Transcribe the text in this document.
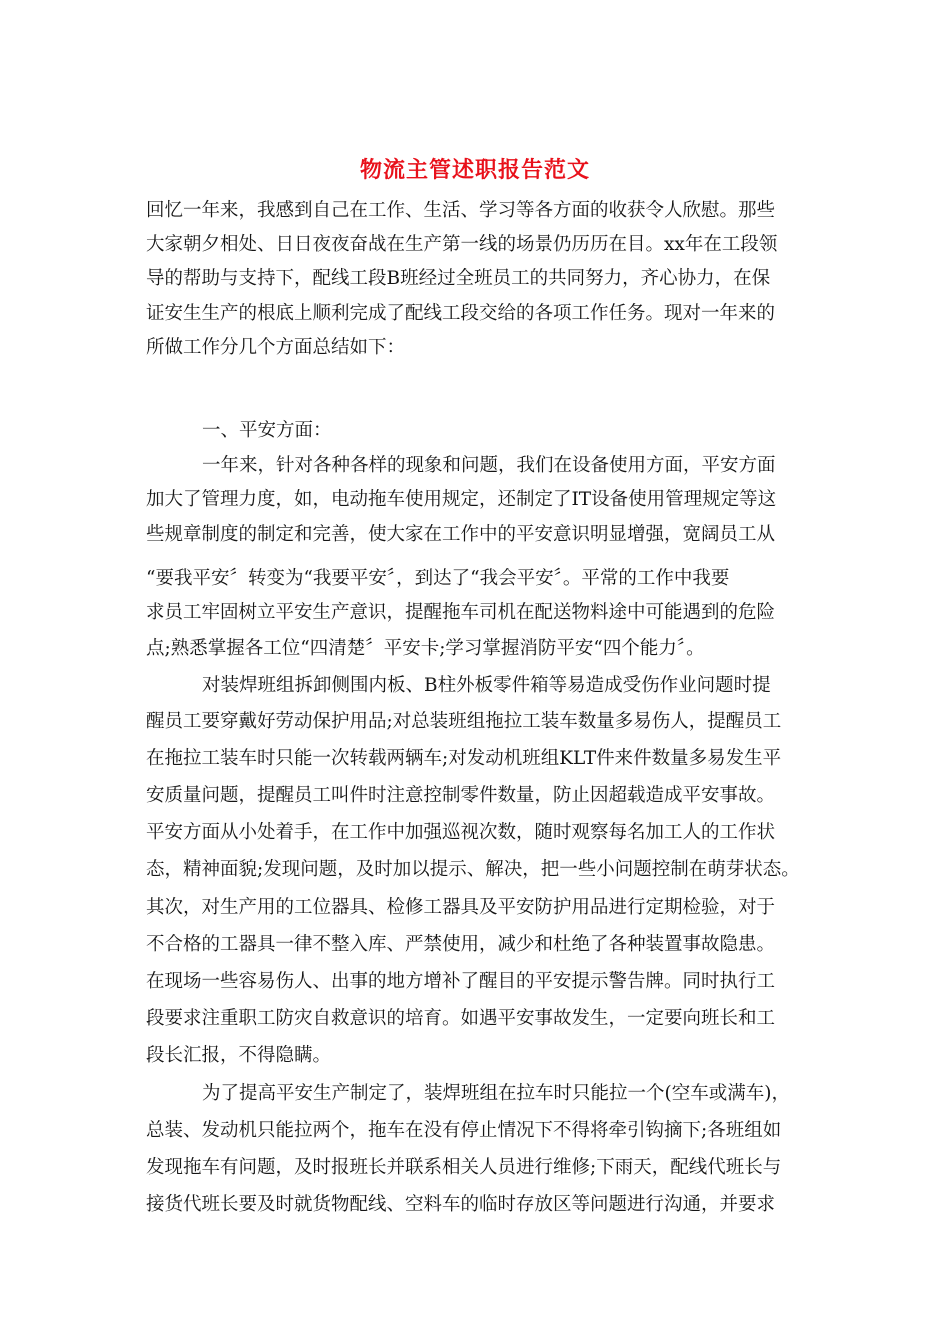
物流主管述职报告范文
回忆一年来，我感到自己在工作、生活、学习等各方面的收获令人欣慰。那些
大家朝夕相处、日日夜夜奋战在生产第一线的场景仍历历在目。xx年在工段领
导的帮助与支持下，配线工段B班经过全班员工的共同努力，齐心协力，在保
证安生生产的根底上顺利完成了配线工段交给的各项工作任务。现对一年来的
所做工作分几个方面总结如下：
一、平安方面：
一年来，针对各种各样的现象和问题，我们在设备使用方面，平安方面
加大了管理力度，如，电动拖车使用规定，还制定了IT设备使用管理规定等这
些规章制度的制定和完善，使大家在工作中的平安意识明显增强，宽阔员工从
“要我平安〞转变为“我要平安〞，到达了“我会平安〞。平常的工作中我要
求员工牢固树立平安生产意识，提醒拖车司机在配送物料途中可能遇到的危险
点;熟悉掌握各工位“四清楚〞平安卡;学习掌握消防平安“四个能力〞。
对装焊班组拆卸侧围内板、B柱外板零件箱等易造成受伤作业问题时提
醒员工要穿戴好劳动保护用品;对总装班组拖拉工装车数量多易伤人，提醒员工
在拖拉工装车时只能一次转载两辆车;对发动机班组KLT件来件数量多易发生平
安质量问题，提醒员工叫件时注意控制零件数量，防止因超载造成平安事故。
平安方面从小处着手，在工作中加强巡视次数，随时观察每名加工人的工作状
态，精神面貌;发现问题，及时加以提示、解决，把一些小问题控制在萌芽状态。
其次，对生产用的工位器具、检修工器具及平安防护用品进行定期检验，对于
不合格的工器具一律不整入库、严禁使用，减少和杜绝了各种装置事故隐患。
在现场一些容易伤人、出事的地方增补了醒目的平安提示警告牌。同时执行工
段要求注重职工防灾自救意识的培育。如遇平安事故发生，一定要向班长和工
段长汇报，不得隐瞒。
为了提高平安生产制定了，装焊班组在拉车时只能拉一个(空车或满车)，
总装、发动机只能拉两个，拖车在没有停止情况下不得将牵引钩摘下;各班组如
发现拖车有问题，及时报班长并联系相关人员进行维修;下雨天，配线代班长与
接货代班长要及时就货物配线、空料车的临时存放区等问题进行沟通，并要求
